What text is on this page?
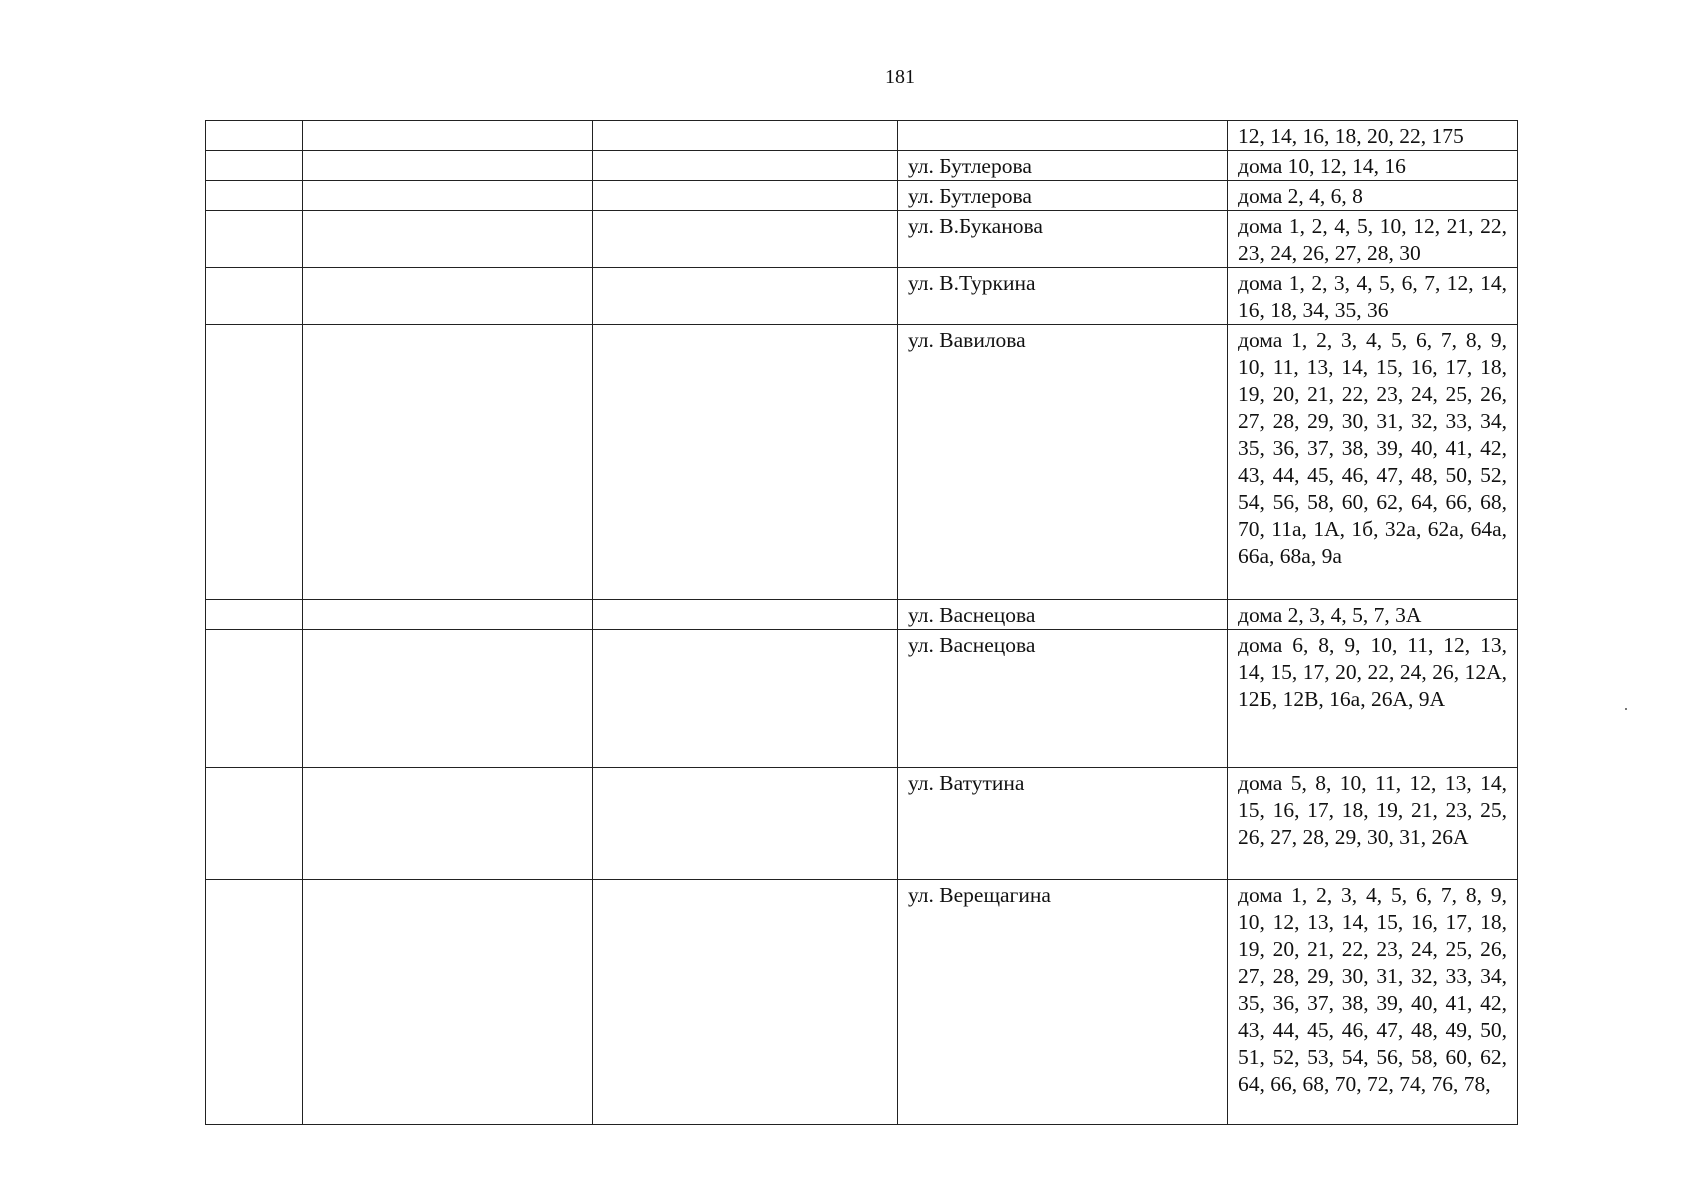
181
				12, 14, 16, 18, 20, 22, 175
			ул. Бутлерова	дома 10, 12, 14, 16
			ул. Бутлерова	дома 2, 4, 6, 8
			ул. В.Буканова	дома 1, 2, 4, 5, 10, 12, 21, 22, 23, 24, 26, 27, 28, 30
			ул. В.Туркина	дома 1, 2, 3, 4, 5, 6, 7, 12, 14, 16, 18, 34, 35, 36
			ул. Вавилова	дома 1, 2, 3, 4, 5, 6, 7, 8, 9, 10, 11, 13, 14, 15, 16, 17, 18, 19, 20, 21, 22, 23, 24, 25, 26, 27, 28, 29, 30, 31, 32, 33, 34, 35, 36, 37, 38, 39, 40, 41, 42, 43, 44, 45, 46, 47, 48, 50, 52, 54, 56, 58, 60, 62, 64, 66, 68, 70, 11а, 1А, 1б, 32а, 62а, 64а, 66а, 68а, 9а
			ул. Васнецова	дома 2, 3, 4, 5, 7, 3А
			ул. Васнецова	дома 6, 8, 9, 10, 11, 12, 13, 14, 15, 17, 20, 22, 24, 26, 12А, 12Б, 12В, 16а, 26А, 9А
			ул. Ватутина	дома 5, 8, 10, 11, 12, 13, 14, 15, 16, 17, 18, 19, 21, 23, 25, 26, 27, 28, 29, 30, 31, 26А
			ул. Верещагина	дома 1, 2, 3, 4, 5, 6, 7, 8, 9, 10, 12, 13, 14, 15, 16, 17, 18, 19, 20, 21, 22, 23, 24, 25, 26, 27, 28, 29, 30, 31, 32, 33, 34, 35, 36, 37, 38, 39, 40, 41, 42, 43, 44, 45, 46, 47, 48, 49, 50, 51, 52, 53, 54, 56, 58, 60, 62, 64, 66, 68, 70, 72, 74, 76, 78,
